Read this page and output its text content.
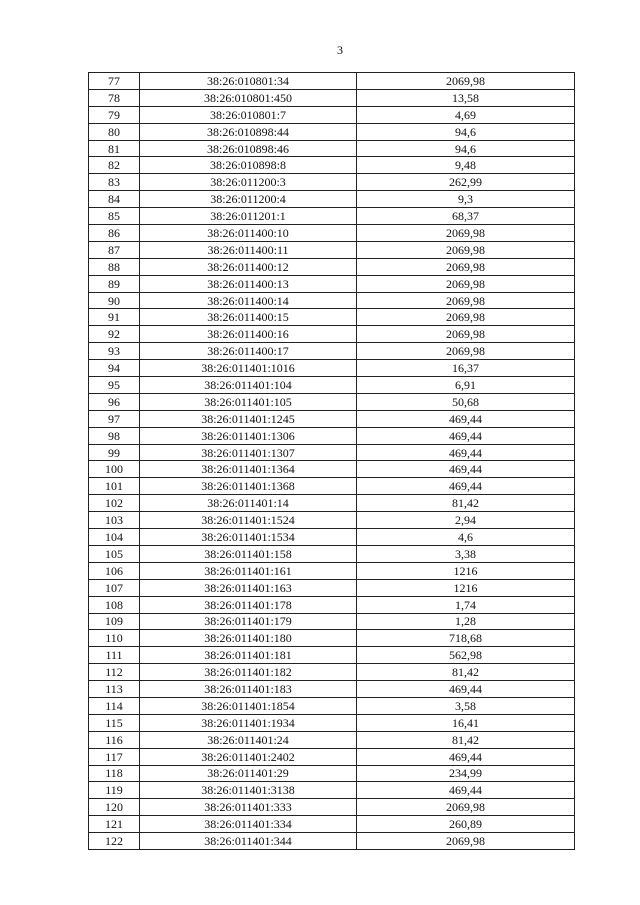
3
77	38:26:010801:34	2069,98
78	38:26:010801:450	13,58
79	38:26:010801:7	4,69
80	38:26:010898:44	94,6
81	38:26:010898:46	94,6
82	38:26:010898:8	9,48
83	38:26:011200:3	262,99
84	38:26:011200:4	9,3
85	38:26:011201:1	68,37
86	38:26:011400:10	2069,98
87	38:26:011400:11	2069,98
88	38:26:011400:12	2069,98
89	38:26:011400:13	2069,98
90	38:26:011400:14	2069,98
91	38:26:011400:15	2069,98
92	38:26:011400:16	2069,98
93	38:26:011400:17	2069,98
94	38:26:011401:1016	16,37
95	38:26:011401:104	6,91
96	38:26:011401:105	50,68
97	38:26:011401:1245	469,44
98	38:26:011401:1306	469,44
99	38:26:011401:1307	469,44
100	38:26:011401:1364	469,44
101	38:26:011401:1368	469,44
102	38:26:011401:14	81,42
103	38:26:011401:1524	2,94
104	38:26:011401:1534	4,6
105	38:26:011401:158	3,38
106	38:26:011401:161	1216
107	38:26:011401:163	1216
108	38:26:011401:178	1,74
109	38:26:011401:179	1,28
110	38:26:011401:180	718,68
111	38:26:011401:181	562,98
112	38:26:011401:182	81,42
113	38:26:011401:183	469,44
114	38:26:011401:1854	3,58
115	38:26:011401:1934	16,41
116	38:26:011401:24	81,42
117	38:26:011401:2402	469,44
118	38:26:011401:29	234,99
119	38:26:011401:3138	469,44
120	38:26:011401:333	2069,98
121	38:26:011401:334	260,89
122	38:26:011401:344	2069,98
